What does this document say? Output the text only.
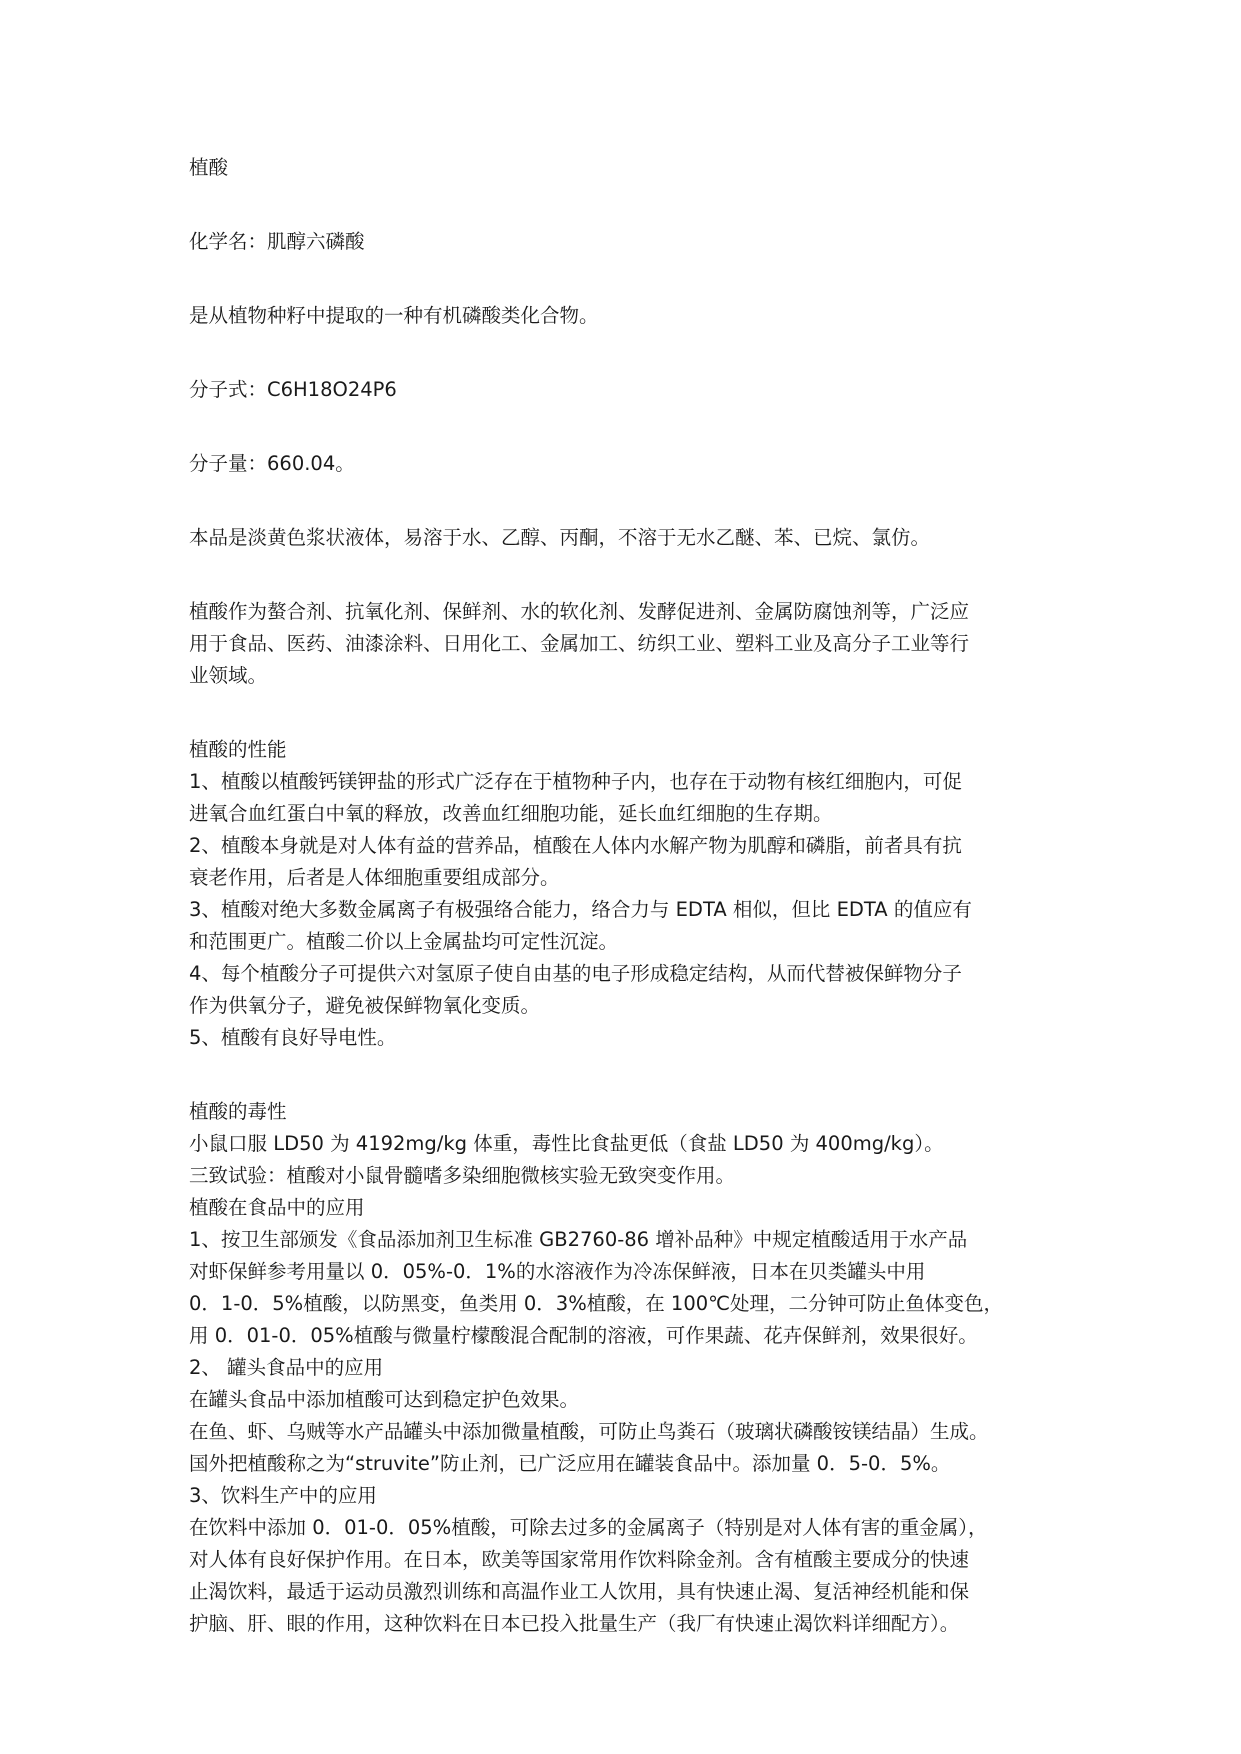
植酸
化学名：肌醇六磷酸
是从植物种籽中提取的一种有机磷酸类化合物。
分子式：C6H18O24P6
分子量：660.04。
本品是淡黄色浆状液体，易溶于水、乙醇、丙酮，不溶于无水乙醚、苯、已烷、氯仿。
植酸作为螯合剂、抗氧化剂、保鲜剂、水的软化剂、发酵促进剂、金属防腐蚀剂等，广泛应
用于食品、医药、油漆涂料、日用化工、金属加工、纺织工业、塑料工业及高分子工业等行
业领域。
植酸的性能
1、植酸以植酸钙镁钾盐的形式广泛存在于植物种子内，也存在于动物有核红细胞内，可促
进氧合血红蛋白中氧的释放，改善血红细胞功能，延长血红细胞的生存期。
2、植酸本身就是对人体有益的营养品，植酸在人体内水解产物为肌醇和磷脂，前者具有抗
衰老作用，后者是人体细胞重要组成部分。
3、植酸对绝大多数金属离子有极强络合能力，络合力与 EDTA 相似，但比 EDTA 的值应有
和范围更广。植酸二价以上金属盐均可定性沉淀。
4、每个植酸分子可提供六对氢原子使自由基的电子形成稳定结构，从而代替被保鲜物分子
作为供氧分子，避免被保鲜物氧化变质。
5、植酸有良好导电性。
植酸的毒性
小鼠口服 LD50 为 4192mg/kg 体重，毒性比食盐更低（食盐 LD50 为 400mg/kg）。
三致试验：植酸对小鼠骨髓嗜多染细胞微核实验无致突变作用。
植酸在食品中的应用
1、按卫生部颁发《食品添加剂卫生标准 GB2760-86 增补品种》中规定植酸适用于水产品
对虾保鲜参考用量以 0．05%-0．1%的水溶液作为冷冻保鲜液，日本在贝类罐头中用
0．1-0．5%植酸，以防黑变，鱼类用 0．3%植酸，在 100℃处理，二分钟可防止鱼体变色，
用 0．01-0．05%植酸与微量柠檬酸混合配制的溶液，可作果蔬、花卉保鲜剂，效果很好。
2、 罐头食品中的应用
在罐头食品中添加植酸可达到稳定护色效果。
在鱼、虾、乌贼等水产品罐头中添加微量植酸，可防止鸟粪石（玻璃状磷酸铵镁结晶）生成。
国外把植酸称之为“struvite”防止剂，已广泛应用在罐装食品中。添加量 0．5-0．5%。
3、饮料生产中的应用
在饮料中添加 0．01-0．05%植酸，可除去过多的金属离子（特别是对人体有害的重金属），
对人体有良好保护作用。在日本，欧美等国家常用作饮料除金剂。含有植酸主要成分的快速
止渴饮料，最适于运动员激烈训练和高温作业工人饮用，具有快速止渴、复活神经机能和保
护脑、肝、眼的作用，这种饮料在日本已投入批量生产（我厂有快速止渴饮料详细配方）。
